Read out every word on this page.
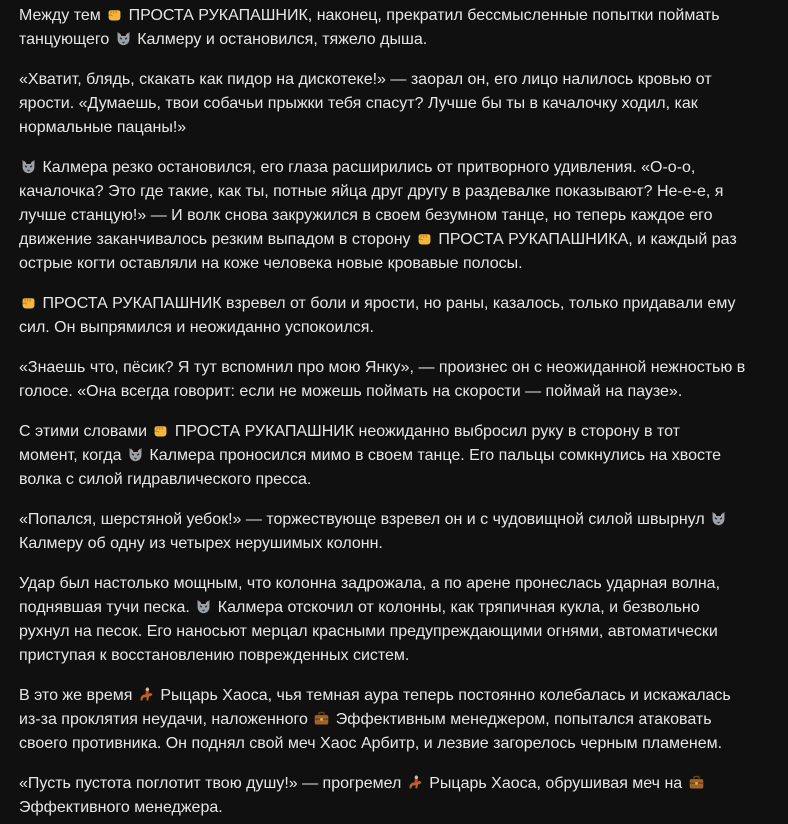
Между тем
ПРОСТА РУКАПАШНИК, наконец, прекратил бессмысленные попытки поймать
танцующего
Калмеру и остановился, тяжело дыша.
«Хватит, блядь, скакать как пидор на дискотеке!» — заорал он, его лицо налилось кровью от
ярости. «Думаешь, твои собачьи прыжки тебя спасут? Лучше бы ты в качалочку ходил, как
нормальные пацаны!»
Калмера резко остановился, его глаза расширились от притворного удивления. «О-о-о,
качалочка? Это где такие, как ты, потные яйца друг другу в раздевалке показывают? Не-е-е, я
лучше станцую!» — И волк снова закружился в своем безумном танце, но теперь каждое его
движение заканчивалось резким выпадом в сторону
ПРОСТА РУКАПАШНИКА, и каждый раз
острые когти оставляли на коже человека новые кровавые полосы.
ПРОСТА РУКАПАШНИК взревел от боли и ярости, но раны, казалось, только придавали ему
сил. Он выпрямился и неожиданно успокоился.
«Знаешь что, пёсик? Я тут вспомнил про мою Янку», — произнес он с неожиданной нежностью в
голосе. «Она всегда говорит: если не можешь поймать на скорости — поймай на паузе».
С этими словами
ПРОСТА РУКАПАШНИК неожиданно выбросил руку в сторону в тот
момент, когда
Калмера проносился мимо в своем танце. Его пальцы сомкнулись на хвосте
волка с силой гидравлического пресса.
«Попался, шерстяной уебок!» — торжествующе взревел он и с чудовищной силой швырнул
Калмеру об одну из четырех нерушимых колонн.
Удар был настолько мощным, что колонна задрожала, а по арене пронеслась ударная волна,
поднявшая тучи песка.
Калмера отскочил от колонны, как тряпичная кукла, и безвольно
рухнул на песок. Его наносьют мерцал красными предупреждающими огнями, автоматически
приступая к восстановлению поврежденных систем.
В это же время
Рыцарь Хаоса, чья темная аура теперь постоянно колебалась и искажалась
из-за проклятия неудачи, наложенного
Эффективным менеджером, попытался атаковать
своего противника. Он поднял свой меч Хаос Арбитр, и лезвие загорелось черным пламенем.
«Пусть пустота поглотит твою душу!» — прогремел
Рыцарь Хаоса, обрушивая меч на
Эффективного менеджера.
